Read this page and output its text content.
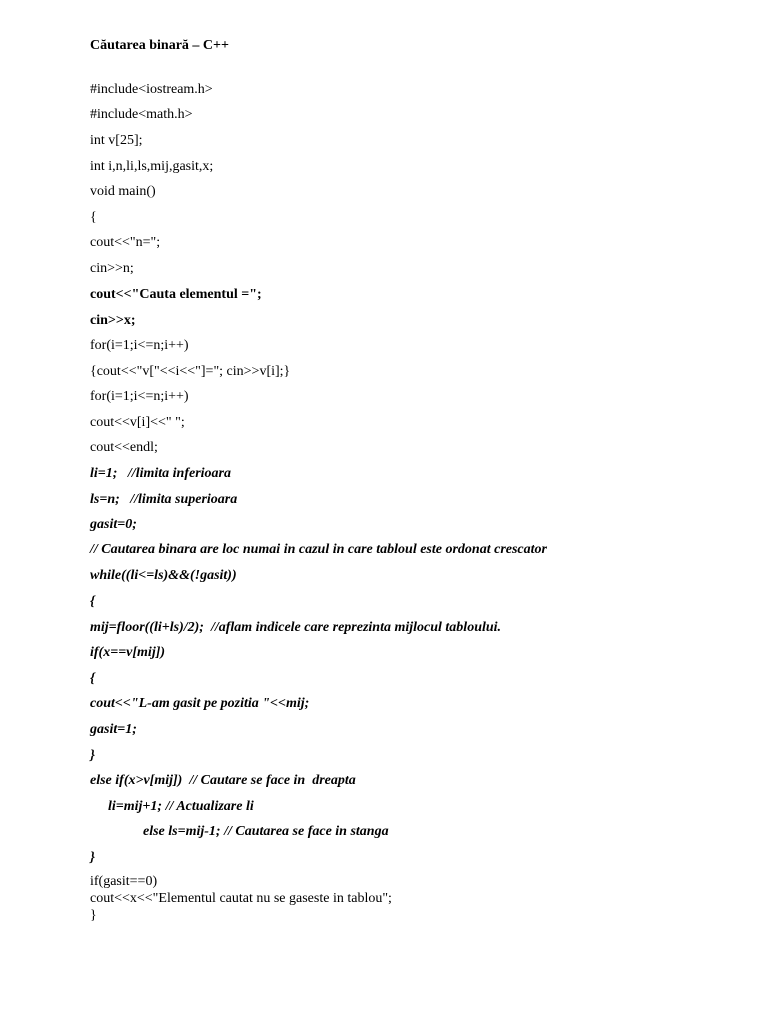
Căutarea binară – C++
#include<iostream.h>
#include<math.h>
int v[25];
int i,n,li,ls,mij,gasit,x;
void main()
{
cout<<"n=";
cin>>n;
cout<<"Cauta elementul =";
cin>>x;
for(i=1;i<=n;i++)
{cout<<"v["<<i<<"]="; cin>>v[i];}
for(i=1;i<=n;i++)
cout<<v[i]<<" ";
cout<<endl;
li=1;   //limita inferioara
ls=n;   //limita superioara
gasit=0;
// Cautarea binara are loc numai in cazul in care tabloul este ordonat crescator
while((li<=ls)&&(!gasit))
{
mij=floor((li+ls)/2);  //aflam indicele care reprezinta mijlocul tabloului.
if(x==v[mij])
{
cout<<"L-am gasit pe pozitia "<<mij;
gasit=1;
}
else if(x>v[mij])  // Cautare se face in  dreapta
li=mij+1; // Actualizare li
else ls=mij-1; // Cautarea se face in stanga
}
if(gasit==0)
cout<<x<<"Elementul cautat nu se gaseste in tablou";
}
